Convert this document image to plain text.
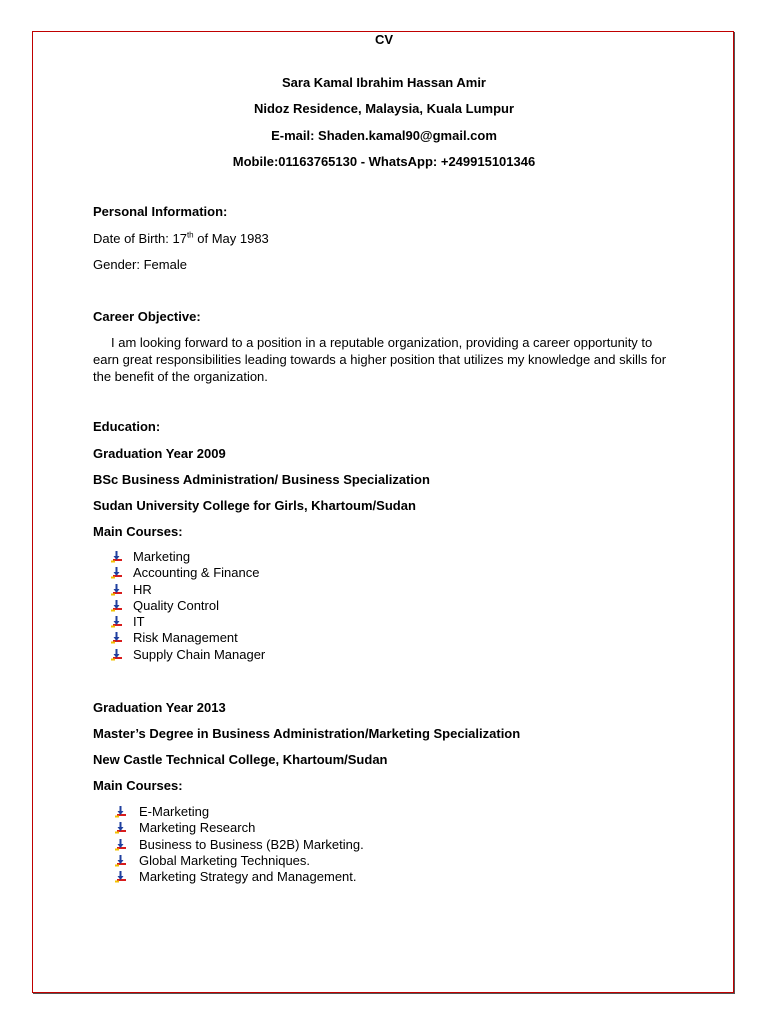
CV
Sara Kamal Ibrahim Hassan Amir
Nidoz Residence, Malaysia, Kuala Lumpur
E-mail: Shaden.kamal90@gmail.com
Mobile:01163765130 - WhatsApp: +249915101346
Personal Information:
Date of Birth: 17th of May 1983
Gender: Female
Career Objective:
I am looking forward to a position in a reputable organization, providing a career opportunity to earn great responsibilities leading towards a higher position that utilizes my knowledge and skills for the benefit of the organization.
Education:
Graduation Year 2009
BSc Business Administration/ Business Specialization
Sudan University College for Girls, Khartoum/Sudan
Main Courses:
Marketing
Accounting & Finance
HR
Quality Control
IT
Risk Management
Supply Chain Manager
Graduation Year 2013
Master’s Degree in Business Administration/Marketing Specialization
New Castle Technical College, Khartoum/Sudan
Main Courses:
E-Marketing
Marketing Research
Business to Business (B2B) Marketing.
Global Marketing Techniques.
Marketing Strategy and Management.
